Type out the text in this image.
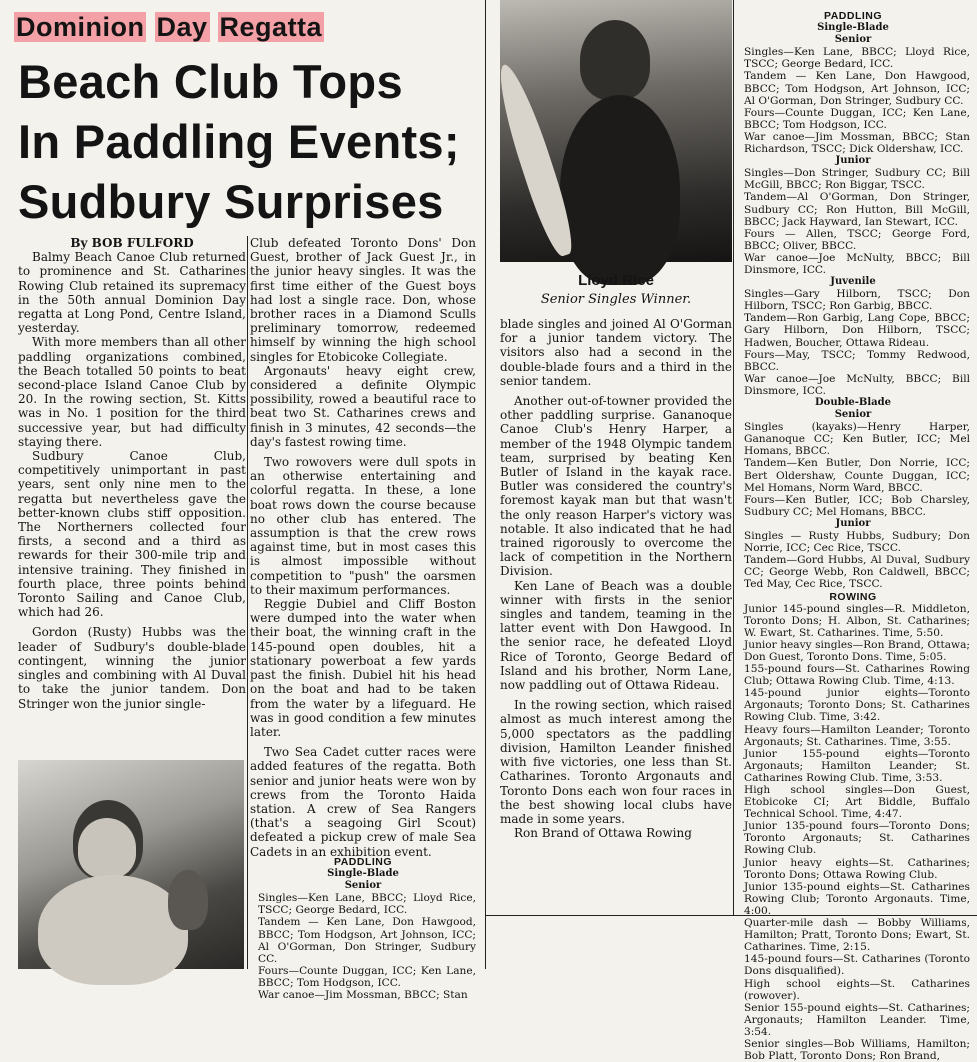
Dominion Day Regatta
Beach Club Tops
In Paddling Events;
Sudbury Surprises

By BOB FULFORD

Balmy Beach Canoe Club returned to prominence and St. Catharines Rowing Club retained its supremacy in the 50th annual Dominion Day regatta at Long Pond, Centre Island, yesterday.

With more members than all other paddling organizations combined, the Beach totalled 50 points to beat second-place Island Canoe Club by 20. In the rowing section, St. Kitts was in No. 1 position for the third successive year, but had difficulty staying there.

Sudbury Canoe Club, competitively unimportant in past years, sent only nine men to the regatta but nevertheless gave the better-known clubs stiff opposition. The Northerners collected four firsts, a second and a third as rewards for their 300-mile trip and intensive training. They finished in fourth place, three points behind Toronto Sailing and Canoe Club, which had 26.

Gordon (Rusty) Hubbs was the leader of Sudbury's double-blade contingent, winning the junior singles and combining with Al Duval to take the junior tandem. Don Stringer won the junior single-

Club defeated Toronto Dons' Don Guest, brother of Jack Guest Jr., in the junior heavy singles. It was the first time either of the Guest boys had lost a single race. Don, whose brother races in a Diamond Sculls preliminary tomorrow, redeemed himself by winning the high school singles for Etobicoke Collegiate.

Argonauts' heavy eight crew, considered a definite Olympic possibility, rowed a beautiful race to beat two St. Catharines crews and finish in 3 minutes, 42 seconds—the day's fastest rowing time.

Two rowovers were dull spots in an otherwise entertaining and colorful regatta. In these, a lone boat rows down the course because no other club has entered. The assumption is that the crew rows against time, but in most cases this is almost impossible without competition to "push" the oarsmen to their maximum performances.

Reggie Dubiel and Cliff Boston were dumped into the water when their boat, the winning craft in the 145-pound open doubles, hit a stationary powerboat a few yards past the finish. Dubiel hit his head on the boat and had to be taken from the water by a lifeguard. He was in good condition a few minutes later.

Two Sea Cadet cutter races were added features of the regatta. Both senior and junior heats were won by crews from the Toronto Haida station. A crew of Sea Rangers (that's a seagoing Girl Scout) defeated a pickup crew of male Sea Cadets in an exhibition event.

PADDLING

Single-Blade

Senior

Singles—Ken Lane, BBCC; Lloyd Rice, TSCC; George Bedard, ICC.

Tandem — Ken Lane, Don Hawgood, BBCC; Tom Hodgson, Art Johnson, ICC; Al O'Gorman, Don Stringer, Sudbury CC.

Fours—Counte Duggan, ICC; Ken Lane, BBCC; Tom Hodgson, ICC.

War canoe—Jim Mossman, BBCC; Stan

Lloyd Rice
Senior Singles Winner.

blade singles and joined Al O'Gorman for a junior tandem victory. The visitors also had a second in the double-blade fours and a third in the senior tandem.

Another out-of-towner provided the other paddling surprise. Gananoque Canoe Club's Henry Harper, a member of the 1948 Olympic tandem team, surprised by beating Ken Butler of Island in the kayak race. Butler was considered the country's foremost kayak man but that wasn't the only reason Harper's victory was notable. It also indicated that he had trained rigorously to overcome the lack of competition in the Northern Division.

Ken Lane of Beach was a double winner with firsts in the senior singles and tandem, teaming in the latter event with Don Hawgood. In the senior race, he defeated Lloyd Rice of Toronto, George Bedard of Island and his brother, Norm Lane, now paddling out of Ottawa Rideau.

In the rowing section, which raised almost as much interest among the 5,000 spectators as the paddling division, Hamilton Leander finished with five victories, one less than St. Catharines. Toronto Argonauts and Toronto Dons each won four races in the best showing local clubs have made in some years.

Ron Brand of Ottawa Rowing

PADDLING

Single-Blade

Senior

Singles—Ken Lane, BBCC; Lloyd Rice, TSCC; George Bedard, ICC.

Tandem — Ken Lane, Don Hawgood, BBCC; Tom Hodgson, Art Johnson, ICC; Al O'Gorman, Don Stringer, Sudbury CC.

Fours—Counte Duggan, ICC; Ken Lane, BBCC; Tom Hodgson, ICC.

War canoe—Jim Mossman, BBCC; Stan Richardson, TSCC; Dick Oldershaw, ICC.

Junior

Singles—Don Stringer, Sudbury CC; Bill McGill, BBCC; Ron Biggar, TSCC.

Tandem—Al O'Gorman, Don Stringer, Sudbury CC; Ron Hutton, Bill McGill, BBCC; Jack Hayward, Ian Stewart, ICC.

Fours — Allen, TSCC; George Ford, BBCC; Oliver, BBCC.

War canoe—Joe McNulty, BBCC; Bill Dinsmore, ICC.

Juvenile

Singles—Gary Hilborn, TSCC; Don Hilborn, TSCC; Ron Garbig, BBCC.

Tandem—Ron Garbig, Lang Cope, BBCC; Gary Hilborn, Don Hilborn, TSCC; Hadwen, Boucher, Ottawa Rideau.

Fours—May, TSCC; Tommy Redwood, BBCC.

War canoe—Joe McNulty, BBCC; Bill Dinsmore, ICC.

Double-Blade

Senior

Singles (kayaks)—Henry Harper, Gananoque CC; Ken Butler, ICC; Mel Homans, BBCC.

Tandem—Ken Butler, Don Norrie, ICC; Bert Oldershaw, Counte Duggan, ICC; Mel Homans, Norm Ward, BBCC.

Fours—Ken Butler, ICC; Bob Charsley, Sudbury CC; Mel Homans, BBCC.

Junior

Singles — Rusty Hubbs, Sudbury; Don Norrie, ICC; Cec Rice, TSCC.

Tandem—Gord Hubbs, Al Duval, Sudbury CC; George Webb, Ron Caldwell, BBCC; Ted May, Cec Rice, TSCC.

ROWING

Junior 145-pound singles—R. Middleton, Toronto Dons; H. Albon, St. Catharines; W. Ewart, St. Catharines. Time, 5:50.

Junior heavy singles—Ron Brand, Ottawa; Don Guest, Toronto Dons. Time, 5:05.

155-pound fours—St. Catharines Rowing Club; Ottawa Rowing Club. Time, 4:13.

145-pound junior eights—Toronto Argonauts; Toronto Dons; St. Catharines Rowing Club. Time, 3:42.

Heavy fours—Hamilton Leander; Toronto Argonauts; St. Catharines. Time, 3:55.

Junior 155-pound eights—Toronto Argonauts; Hamilton Leander; St. Catharines Rowing Club. Time, 3:53.

High school singles—Don Guest, Etobicoke CI; Art Biddle, Buffalo Technical School. Time, 4:47.

Junior 135-pound fours—Toronto Dons; Toronto Argonauts; St. Catharines Rowing Club.

Junior heavy eights—St. Catharines; Toronto Dons; Ottawa Rowing Club.

Junior 135-pound eights—St. Catharines Rowing Club; Toronto Argonauts. Time, 4:00.

Quarter-mile dash — Bobby Williams, Hamilton; Pratt, Toronto Dons; Ewart, St. Catharines. Time, 2:15.

145-pound fours—St. Catharines (Toronto Dons disqualified).

High school eights—St. Catharines (rowover).

Senior 155-pound eights—St. Catharines; Argonauts; Hamilton Leander. Time, 3:54.

Senior singles—Bob Williams, Hamilton; Bob Platt, Toronto Dons; Ron Brand,
